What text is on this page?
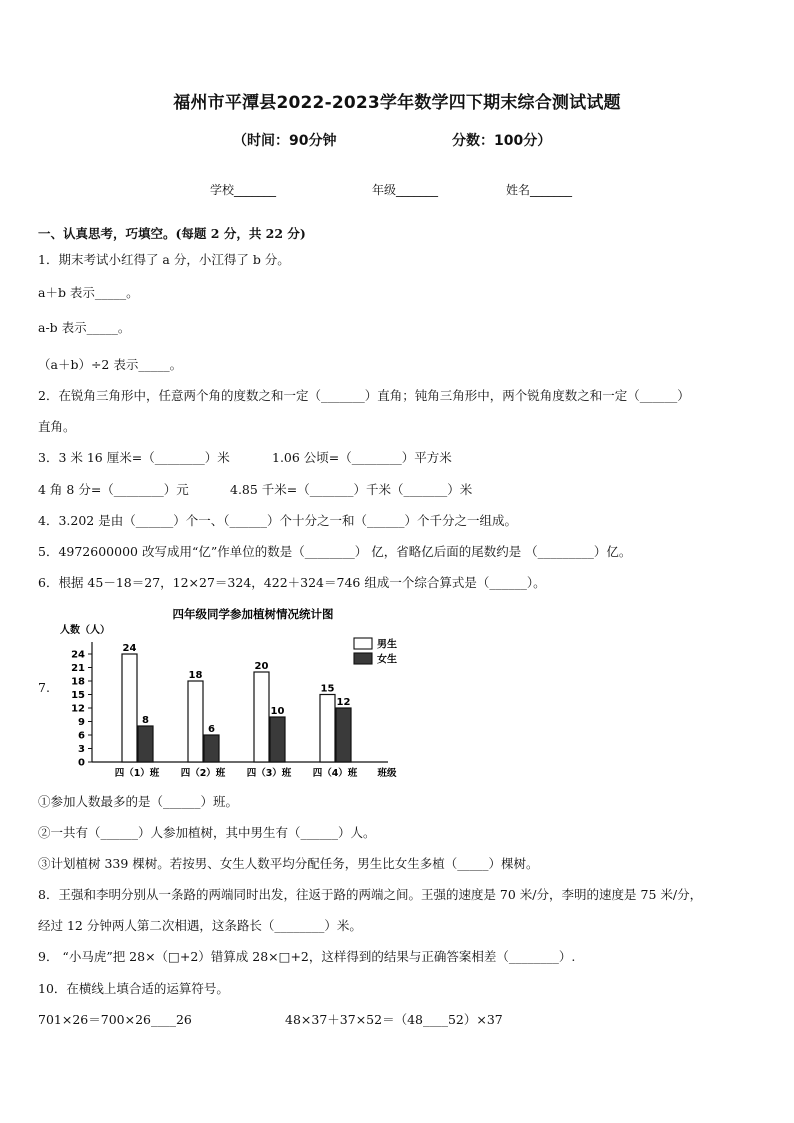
福州市平潭县2022-2023学年数学四下期末综合测试试题
（时间：90分钟	分数：100分）
学校_______	年级_______	姓名_______
一、认真思考，巧填空。(每题 2 分，共 22 分)
1．期末考试小红得了 a 分，小江得了 b 分。
a＋b 表示_____。
a-b 表示_____。
（a＋b）÷2 表示_____。
2．在锐角三角形中，任意两个角的度数之和一定（_______）直角；钝角三角形中，两个锐角度数之和一定（______）
直角。
3．3 米 16 厘米=（________）米	1.06 公顷=（________）平方米
4 角 8 分=（________）元	4.85 千米=（_______）千米（_______）米
4．3.202 是由（______）个一、（______）个十分之一和（______）个千分之一组成。
5．4972600000 改写成用“亿”作单位的数是（________） 亿，省略亿后面的尾数约是 （_________）亿。
6．根据 45－18＝27，12×27＝324，422＋324＝746 组成一个综合算式是（______）。
7.
四年级同学参加植树情况统计图
人数（人）
0
3
6
9
12
15
18
21
24
24
8
四（1）班
18
6
四（2）班
20
10
四（3）班
15
12
四（4）班 班级
男生
女生
①参加人数最多的是（______）班。
②一共有（______）人参加植树，其中男生有（______）人。
③计划植树 339 棵树。若按男、女生人数平均分配任务，男生比女生多植（_____）棵树。
8．王强和李明分别从一条路的两端同时出发，往返于路的两端之间。王强的速度是 70 米/分，李明的速度是 75 米/分，
经过 12 分钟两人第二次相遇，这条路长（________）米。
9． “小马虎”把 28×（□+2）错算成 28×□+2，这样得到的结果与正确答案相差（________）.
10．在横线上填合适的运算符号。
701×26＝700×26____26	48×37＋37×52＝（48____52）×37
